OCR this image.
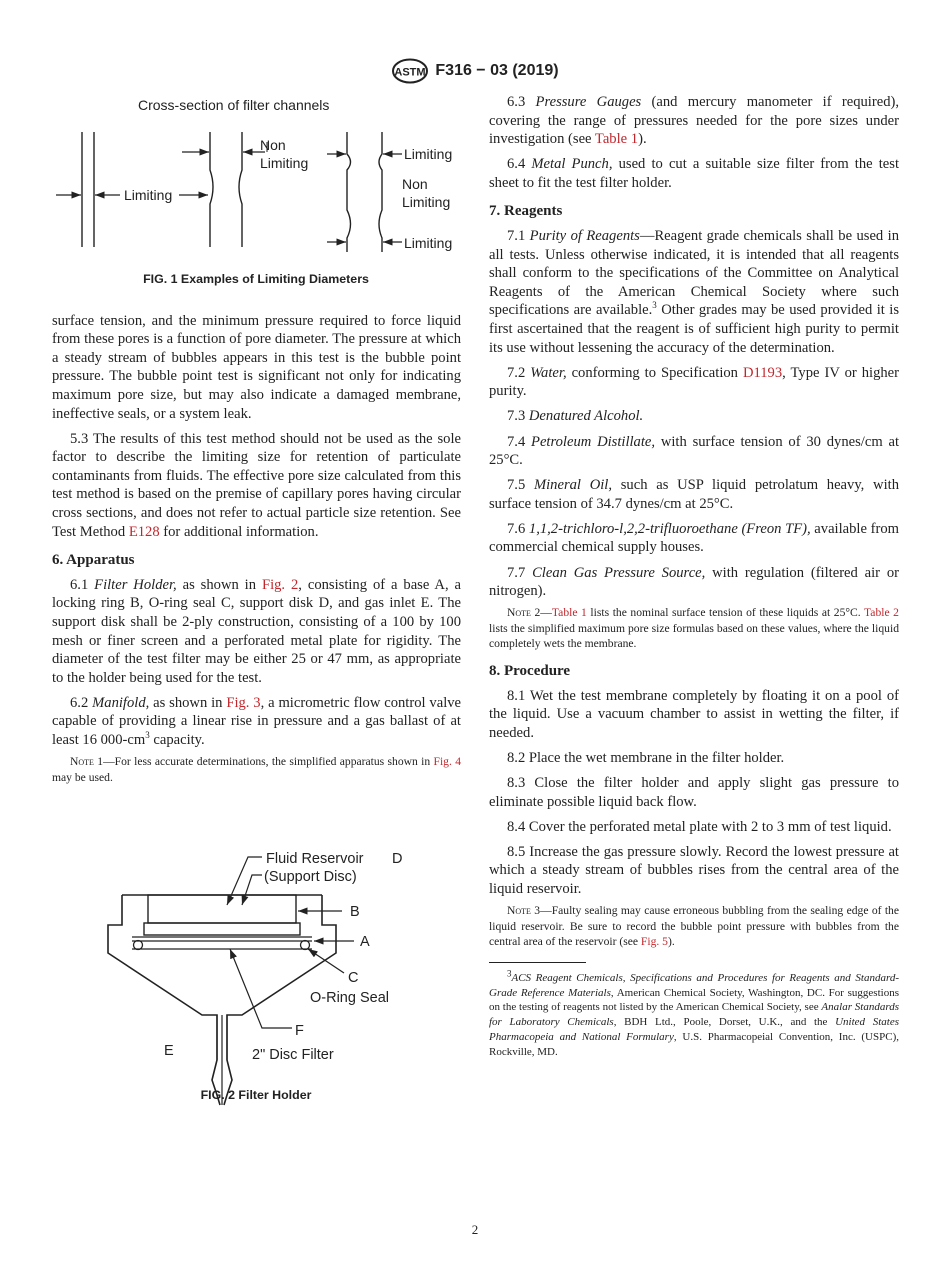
ASTM F316 − 03 (2019)
Cross-section of filter channels
Limiting
Non
Limiting
Limiting
Non
Limiting
Limiting
FIG. 1 Examples of Limiting Diameters

surface tension, and the minimum pressure required to force liquid from these pores is a function of pore diameter. The pressure at which a steady stream of bubbles appears in this test is the bubble point pressure. The bubble point test is significant not only for indicating maximum pore size, but may also indicate a damaged membrane, ineffective seals, or a system leak.

5.3 The results of this test method should not be used as the sole factor to describe the limiting size for retention of particulate contaminants from fluids. The effective pore size calculated from this test method is based on the premise of capillary pores having circular cross sections, and does not refer to actual particle size retention. See Test Method E128 for additional information.

6. Apparatus

6.1 Filter Holder, as shown in Fig. 2, consisting of a base A, a locking ring B, O-ring seal C, support disk D, and gas inlet E. The support disk shall be 2-ply construction, consisting of a 100 by 100 mesh or finer screen and a perforated metal plate for rigidity. The diameter of the test filter may be either 25 or 47 mm, as appropriate to the holder being used for the test.

6.2 Manifold, as shown in Fig. 3, a micrometric flow control valve capable of providing a linear rise in pressure and a gas ballast of at least 16 $000-cm^3$ capacity.

Note 1—For less accurate determinations, the simplified apparatus shown in Fig. 4 may be used.
Fluid Reservoir
(Support Disc)
D
B
A
C
O-Ring Seal
F
E	2" Disc Filter
FIG. 2 Filter Holder

6.3 Pressure Gauges (and mercury manometer if required), covering the range of pressures needed for the pore sizes under investigation (see Table 1).

6.4 Metal Punch, used to cut a suitable size filter from the test sheet to fit the test filter holder.

7. Reagents

7.1 Purity of Reagents—Reagent grade chemicals shall be used in all tests. Unless otherwise indicated, it is intended that all reagents shall conform to the specifications of the Committee on Analytical Reagents of the American Chemical Society where such specifications are available.$^3$ Other grades may be used provided it is first ascertained that the reagent is of sufficient high purity to permit its use without lessening the accuracy of the determination.

7.2 Water, conforming to Specification D1193, Type IV or higher purity.

7.3 Denatured Alcohol.

7.4 Petroleum Distillate, with surface tension of 30 dynes/cm at 25°C.

7.5 Mineral Oil, such as USP liquid petrolatum heavy, with surface tension of 34.7 dynes/cm at 25°C.

7.6 1,1,2-trichloro-l,2,2-trifluoroethane (Freon TF), available from commercial chemical supply houses.

7.7 Clean Gas Pressure Source, with regulation (filtered air or nitrogen).

Note 2—Table 1 lists the nominal surface tension of these liquids at 25°C. Table 2 lists the simplified maximum pore size formulas based on these values, where the liquid completely wets the membrane.
8. Procedure

8.1 Wet the test membrane completely by floating it on a pool of the liquid. Use a vacuum chamber to assist in wetting the filter, if needed.

8.2 Place the wet membrane in the filter holder.

8.3 Close the filter holder and apply slight gas pressure to eliminate possible liquid back flow.

8.4 Cover the perforated metal plate with 2 to 3 mm of test liquid.

8.5 Increase the gas pressure slowly. Record the lowest pressure at which a steady stream of bubbles rises from the central area of the liquid reservoir.

Note 3—Faulty sealing may cause erroneous bubbling from the sealing edge of the liquid reservoir. Be sure to record the bubble point pressure with bubbles from the central area of the reservoir (see Fig. 5).
$^3$ACS Reagent Chemicals, Specifications and Procedures for Reagents and Standard-Grade Reference Materials, American Chemical Society, Washington, DC. For suggestions on the testing of reagents not listed by the American Chemical Society, see Analar Standards for Laboratory Chemicals, BDH Ltd., Poole, Dorset, U.K., and the United States Pharmacopeia and National Formulary, U.S. Pharmacopeial Convention, Inc. (USPC), Rockville, MD.
2
